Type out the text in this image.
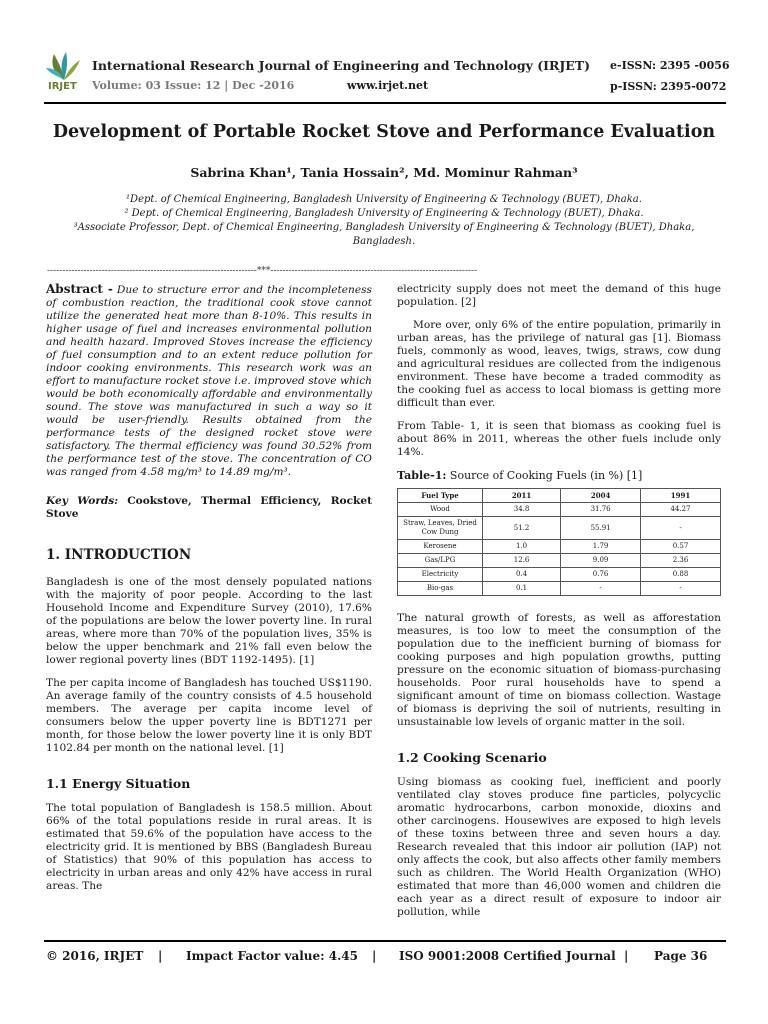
IRJET
International Research Journal of Engineering and Technology (IRJET) e-ISSN: 2395 -0056
Volume: 03 Issue: 12 | Dec -2016	www.irjet.net	p-ISSN: 2395-0072
Development of Portable Rocket Stove and Performance Evaluation
Sabrina Khan¹, Tania Hossain², Md. Mominur Rahman³
¹Dept. of Chemical Engineering, Bangladesh University of Engineering & Technology (BUET), Dhaka.
² Dept. of Chemical Engineering, Bangladesh University of Engineering & Technology (BUET), Dhaka.
³Associate Professor, Dept. of Chemical Engineering, Bangladesh University of Engineering & Technology (BUET), Dhaka, Bangladesh.
---------------------------------------------------------------------***--------------------------------------------------------------------

Abstract - Due to structure error and the incompleteness of combustion reaction, the traditional cook stove cannot utilize the generated heat more than 8-10%. This results in higher usage of fuel and increases environmental pollution and health hazard. Improved Stoves increase the efficiency of fuel consumption and to an extent reduce pollution for indoor cooking environments. This research work was an effort to manufacture rocket stove i.e. improved stove which would be both economically affordable and environmentally sound. The stove was manufactured in such a way so it would be user-friendly. Results obtained from the performance tests of the designed rocket stove were satisfactory. The thermal efficiency was found 30.52% from the performance test of the stove. The concentration of CO was ranged from 4.58 mg/m³ to 14.89 mg/m³.

Key Words: Cookstove, Thermal Efficiency, Rocket Stove

1. INTRODUCTION

Bangladesh is one of the most densely populated nations with the majority of poor people. According to the last Household Income and Expenditure Survey (2010), 17.6% of the populations are below the lower poverty line. In rural areas, where more than 70% of the population lives, 35% is below the upper benchmark and 21% fall even below the lower regional poverty lines (BDT 1192-1495). [1]

The per capita income of Bangladesh has touched US$1190. An average family of the country consists of 4.5 household members. The average per capita income level of consumers below the upper poverty line is BDT1271 per month, for those below the lower poverty line it is only BDT 1102.84 per month on the national level. [1]

1.1 Energy Situation

The total population of Bangladesh is 158.5 million. About 66% of the total populations reside in rural areas. It is estimated that 59.6% of the population have access to the electricity grid. It is mentioned by BBS (Bangladesh Bureau of Statistics) that 90% of this population has access to electricity in urban areas and only 42% have access in rural areas. The

electricity supply does not meet the demand of this huge population. [2]

More over, only 6% of the entire population, primarily in urban areas, has the privilege of natural gas [1]. Biomass fuels, commonly as wood, leaves, twigs, straws, cow dung and agricultural residues are collected from the indigenous environment. These have become a traded commodity as the cooking fuel as access to local biomass is getting more difficult than ever.

From Table- 1, it is seen that biomass as cooking fuel is about 86% in 2011, whereas the other fuels include only 14%.

Table-1: Source of Cooking Fuels (in %) [1]
Fuel Type	2011	2004	1991
Wood	34.8	31.76	44.27
Straw, Leaves, Dried Cow Dung	51.2	55.91	-
Kerosene	1.0	1.79	0.57
Gas/LPG	12.6	9.09	2.36
Electricity	0.4	0.76	0.88
Bio-gas	0.1	-	-

The natural growth of forests, as well as afforestation measures, is too low to meet the consumption of the population due to the inefficient burning of biomass for cooking purposes and high population growths, putting pressure on the economic situation of biomass-purchasing households. Poor rural households have to spend a significant amount of time on biomass collection. Wastage of biomass is depriving the soil of nutrients, resulting in unsustainable low levels of organic matter in the soil.

1.2 Cooking Scenario

Using biomass as cooking fuel, inefficient and poorly ventilated clay stoves produce fine particles, polycyclic aromatic hydrocarbons, carbon monoxide, dioxins and other carcinogens. Housewives are exposed to high levels of these toxins between three and seven hours a day. Research revealed that this indoor air pollution (IAP) not only affects the cook, but also affects other family members such as children. The World Health Organization (WHO) estimated that more than 46,000 women and children die each year as a direct result of exposure to indoor air pollution, while

© 2016, IRJET | Impact Factor value: 4.45 | ISO 9001:2008 Certified Journal | Page 36
